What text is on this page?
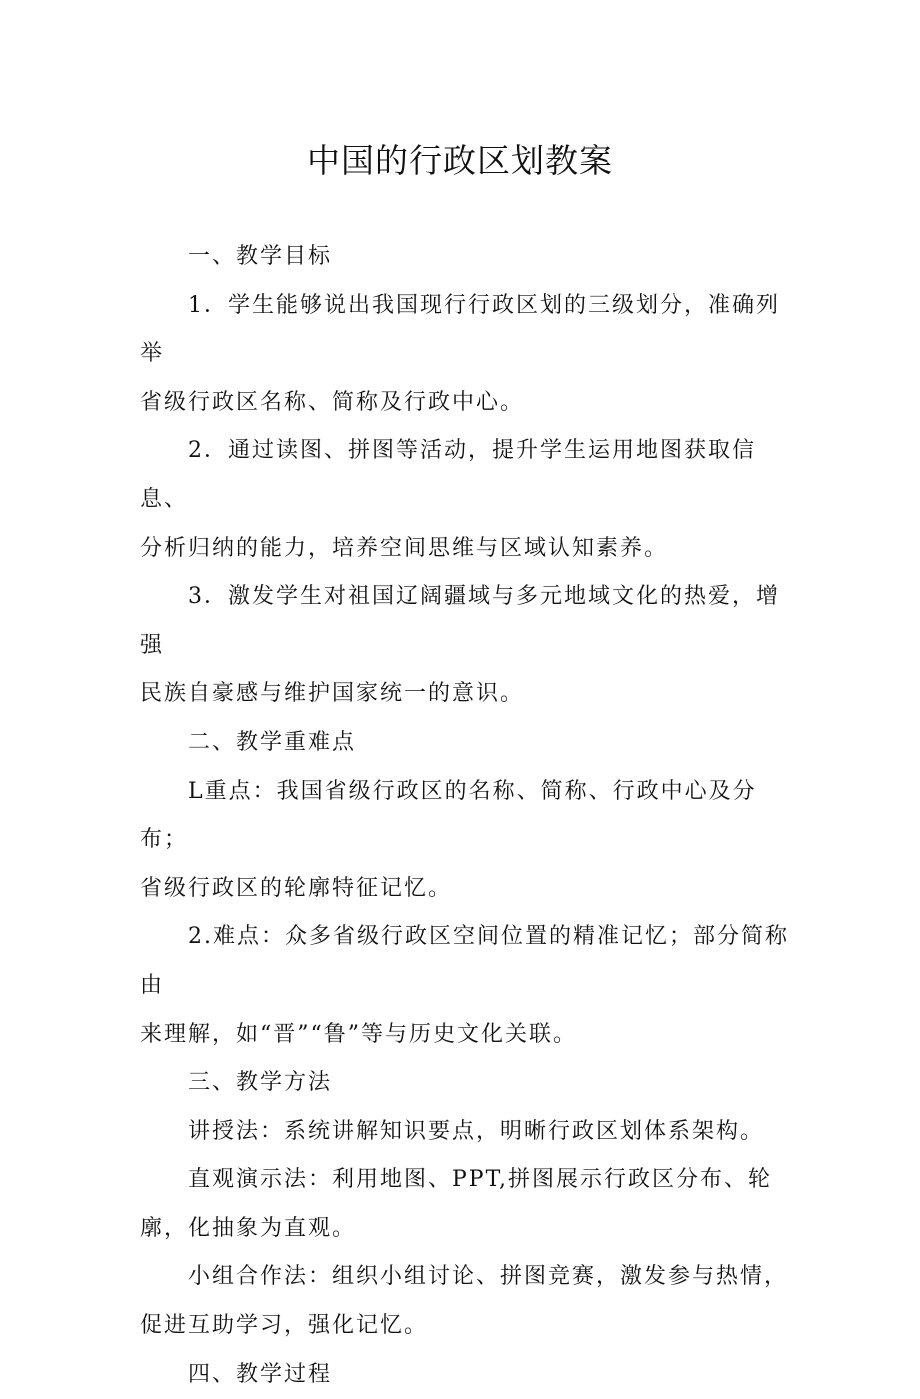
中国的行政区划教案

一、教学目标

1．学生能够说出我国现行行政区划的三级划分，准确列举
省级行政区名称、简称及行政中心。

2．通过读图、拼图等活动，提升学生运用地图获取信息、
分析归纳的能力，培养空间思维与区域认知素养。

3．激发学生对祖国辽阔疆域与多元地域文化的热爱，增强
民族自豪感与维护国家统一的意识。

二、教学重难点

L重点：我国省级行政区的名称、简称、行政中心及分布；
省级行政区的轮廓特征记忆。

2.难点：众多省级行政区空间位置的精准记忆；部分简称由
来理解，如“晋”“鲁”等与历史文化关联。

三、教学方法

讲授法：系统讲解知识要点，明晰行政区划体系架构。

直观演示法：利用地图、PPT,拼图展示行政区分布、轮
廓，化抽象为直观。

小组合作法：组织小组讨论、拼图竞赛，激发参与热情，
促进互助学习，强化记忆。

四、教学过程
